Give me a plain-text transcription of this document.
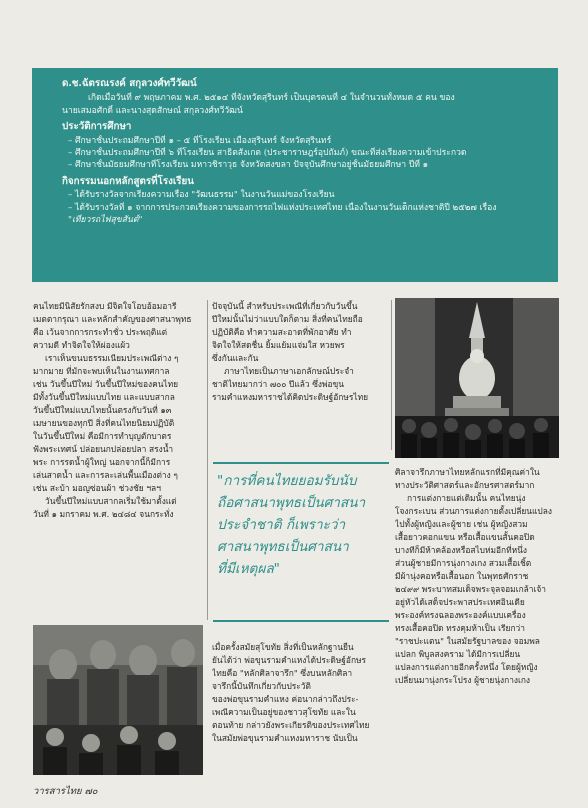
ด.ช.ฉัตรณรงค์ สกุลวงศ์ทวีวัฒน์
เกิดเมื่อวันที่ ๙ พฤษภาคม พ.ศ. ๒๕๑๔ ที่จังหวัดสุรินทร์ เป็นบุตรคนที่ ๔ ในจำนวนทั้งหมด ๕ คน ของ
นายเสมอศักดิ์ และนางสุดสักษณ์ สกุลวงศ์ทวีวัฒน์
ประวัติการศึกษา
– ศึกษาชั้นประถมศึกษาปีที่ ๑ – ๕ ที่โรงเรียน เมืองสุรินทร์ จังหวัดสุรินทร์
– ศึกษาชั้นประถมศึกษาปีที่ ๖ ที่โรงเรียน สาธิตสังเกต (ประชาราษฎร์อุปถัมภ์) ขณะที่ส่งเรียงความเข้าประกวด
– ศึกษาชั้นมัธยมศึกษาที่โรงเรียน มหาวชิราวุธ จังหวัดสงขลา ปัจจุบันศึกษาอยู่ชั้นมัธยมศึกษา ปีที่ ๑
กิจกรรมนอกหลักสูตรที่โรงเรียน
– ได้รับรางวัลจากเรียงความเรื่อง "วัฒนธรรม" ในงานวันแม่ของโรงเรียน
– ได้รับรางวัลที่ ๑ จากการประกวดเรียงความของการรถไฟแห่งประเทศไทย เนื่องในงานวันเด็กแห่งชาติปี ๒๕๒๗ เรื่อง
"เที่ยวรถไฟสุขสันต์"
คนไทยมีนิสัยรักสงบ มีจิตใจโอบอ้อมอารี
เมตตากรุณา และหลักสำคัญของศาสนาพุทธ
คือ เว้นจากการกระทำชั่ว ประพฤติแต่
ความดี ทำจิตใจให้ผ่องแผ้ว
เราเห็นขนบธรรมเนียมประเพณีต่าง ๆ
มากมาย ที่มักจะพบเห็นในงานเทศกาล
เช่น วันขึ้นปีใหม่ วันขึ้นปีใหม่ของคนไทย
มีทั้งวันขึ้นปีใหม่แบบไทย และแบบสากล
วันขึ้นปีใหม่แบบไทยนั้นตรงกับวันที่ ๑๓
เมษายนของทุกปี สิ่งที่คนไทยนิยมปฏิบัติ
ในวันขึ้นปีใหม่ คือมีการทำบุญตักบาตร
ฟังพระเทศน์ ปล่อยนกปล่อยปลา สรงน้ำ
พระ การรดน้ำผู้ใหญ่ นอกจากนี้ก็มีการ
เล่นสาดน้ำ และการละเล่นพื้นเมืองต่าง ๆ
เช่น สะบ้า มอญซ่อนผ้า ช่วงชัย ฯลฯ
วันขึ้นปีใหม่แบบสากลเริ่มใช้มาตั้งแต่
วันที่ ๑ มกราคม พ.ศ. ๒๔๘๔ จนกระทั่ง
ปัจจุบันนี้ สำหรับประเพณีที่เกี่ยวกับวันขึ้น
ปีใหม่นั้นไม่ว่าแบบใดก็ตาม สิ่งที่คนไทยถือ
ปฏิบัติคือ ทำความสะอาดที่พักอาศัย ทำ
จิตใจให้สดชื่น ยิ้มแย้มแจ่มใส หวยพร
ซึ่งกันและกัน
ภาษาไทยเป็นภาษาเอกลักษณ์ประจำ
ชาติไทยมากว่า ๗๐๐ ปีแล้ว ซึ่งพ่อขุน
รามคำแหงมหาราชได้คิดประดิษฐ์อักษรไทย
"การที่คนไทยยอมรับนับ
ถือศาสนาพุทธเป็นศาสนา
ประจำชาติ ก็เพราะว่า
ศาสนาพุทธเป็นศาสนา
ที่มีเหตุผล"
เมื่อครั้งสมัยสุโขทัย สิ่งที่เป็นหลักฐานยืน
ยันได้ว่า พ่อขุนรามคำแหงได้ประดิษฐ์อักษร
ไทยคือ "หลักศิลาจารึก" ซึ่งบนหลักศิลา
จารึกนี้บันทึกเกี่ยวกับประวัติ
ของพ่อขุนรามคำแหง ค่อนากล่าวถึงประ-
เพณีความเป็นอยู่ของชาวสุโขทัย และใน
ตอนท้าย กล่าวยังพระเกียรติของประเทศไทย
ในสมัยพ่อขุนรามคำแหงมหาราช นับเป็น
ศิลาจารึกภาษาไทยหลักแรกที่มีคุณค่าใน
ทางประวัติศาสตร์และอักษรศาสตร์มาก
การแต่งกายแต่เดิมนั้น คนไทยนุ่ง
โจงกระเบน ส่วนการแต่งกายตั้งเปลี่ยนแปลง
ไปทั้งผู้หญิงและผู้ชาย เช่น ผู้หญิงสวม
เสื้อยาวคอกแขน หรือเสื้อแขนสั้นคอปิด
บางทีก็มีห้าคล้องหรือสไบห่มอีกที่หนึ่ง
ส่วนผู้ชายมีการนุ่งกางเกง สวมเสื้อเชิ้ต
มีผ้านุ่งคอหรือเสื้อนอก ในพุทธศักราช
๒๔๙๙ พระบาทสมเด็จพระจุลจอมเกล้าเจ้า
อยู่หัวได้เสด็จประพาสประเทศอินเดีย
พระองค์ทรงฉลองพระองค์แบบเครื่อง
ทรงเสื้อคอปิด ทรงคุมห้าเป็น เรียกว่า
"ราชปะแตน" ในสมัยรัฐบาลของ จอมพล
แปลก พิบูลสงคราม ได้มีการเปลี่ยน
แปลงการแต่งกายอีกครั้งหนึ่ง โดยผู้หญิง
เปลี่ยนมานุ่งกระโปรง ผู้ชายนุ่งกางเกง
วารสารไทย ๗๐
